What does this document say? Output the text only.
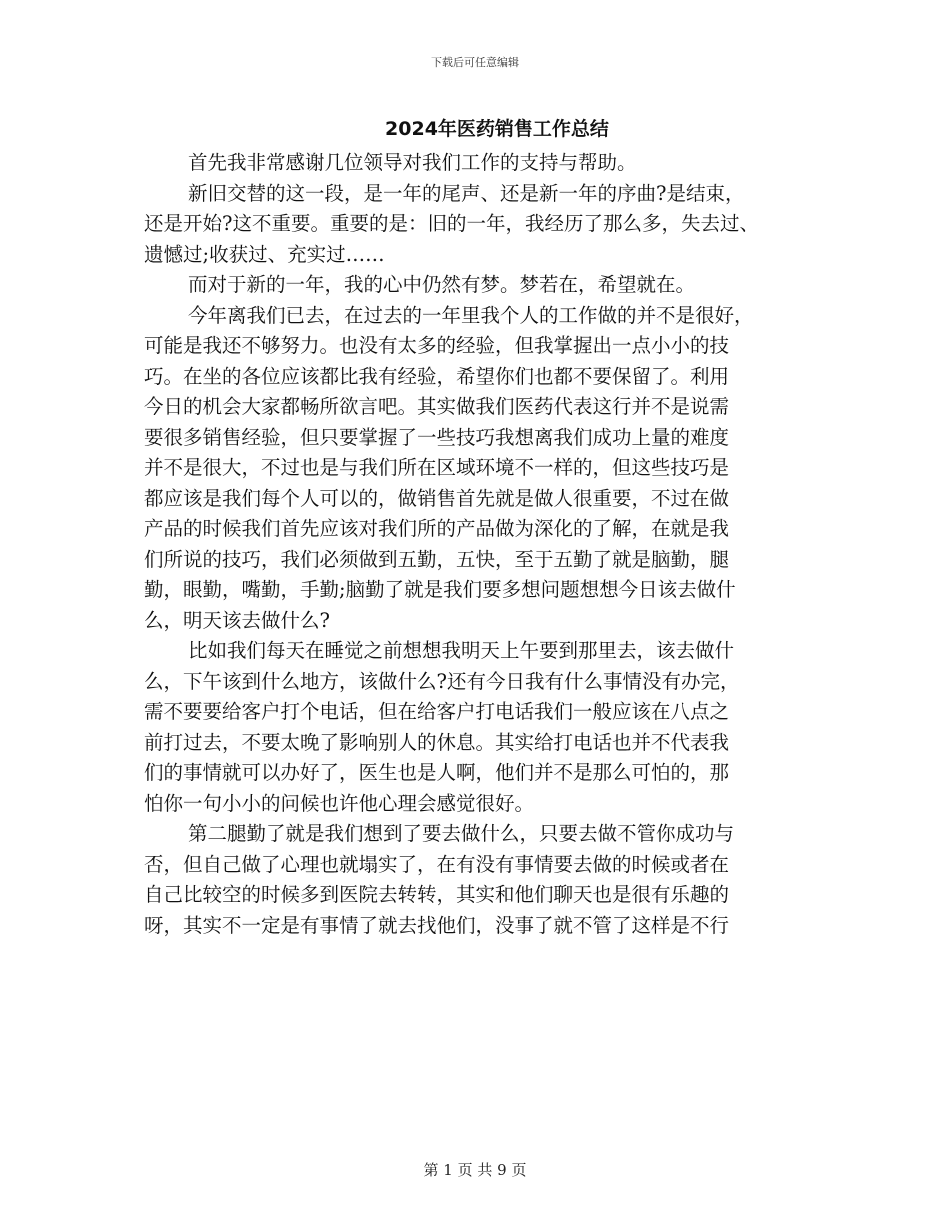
下载后可任意编辑
2024年医药销售工作总结
首先我非常感谢几位领导对我们工作的支持与帮助。
新旧交替的这一段，是一年的尾声、还是新一年的序曲?是结束，
还是开始?这不重要。重要的是：旧的一年，我经历了那么多，失去过、
遗憾过;收获过、充实过……
而对于新的一年，我的心中仍然有梦。梦若在，希望就在。
今年离我们已去，在过去的一年里我个人的工作做的并不是很好，
可能是我还不够努力。也没有太多的经验，但我掌握出一点小小的技
巧。在坐的各位应该都比我有经验，希望你们也都不要保留了。利用
今日的机会大家都畅所欲言吧。其实做我们医药代表这行并不是说需
要很多销售经验，但只要掌握了一些技巧我想离我们成功上量的难度
并不是很大，不过也是与我们所在区域环境不一样的，但这些技巧是
都应该是我们每个人可以的，做销售首先就是做人很重要，不过在做
产品的时候我们首先应该对我们所的产品做为深化的了解，在就是我
们所说的技巧，我们必须做到五勤，五快，至于五勤了就是脑勤，腿
勤，眼勤，嘴勤，手勤;脑勤了就是我们要多想问题想想今日该去做什
么，明天该去做什么?
比如我们每天在睡觉之前想想我明天上午要到那里去，该去做什
么，下午该到什么地方，该做什么?还有今日我有什么事情没有办完，
需不要要给客户打个电话，但在给客户打电话我们一般应该在八点之
前打过去，不要太晚了影响别人的休息。其实给打电话也并不代表我
们的事情就可以办好了，医生也是人啊，他们并不是那么可怕的，那
怕你一句小小的问候也许他心理会感觉很好。
第二腿勤了就是我们想到了要去做什么，只要去做不管你成功与
否，但自己做了心理也就塌实了，在有没有事情要去做的时候或者在
自己比较空的时候多到医院去转转，其实和他们聊天也是很有乐趣的
呀，其实不一定是有事情了就去找他们，没事了就不管了这样是不行
第 1 页 共 9 页
